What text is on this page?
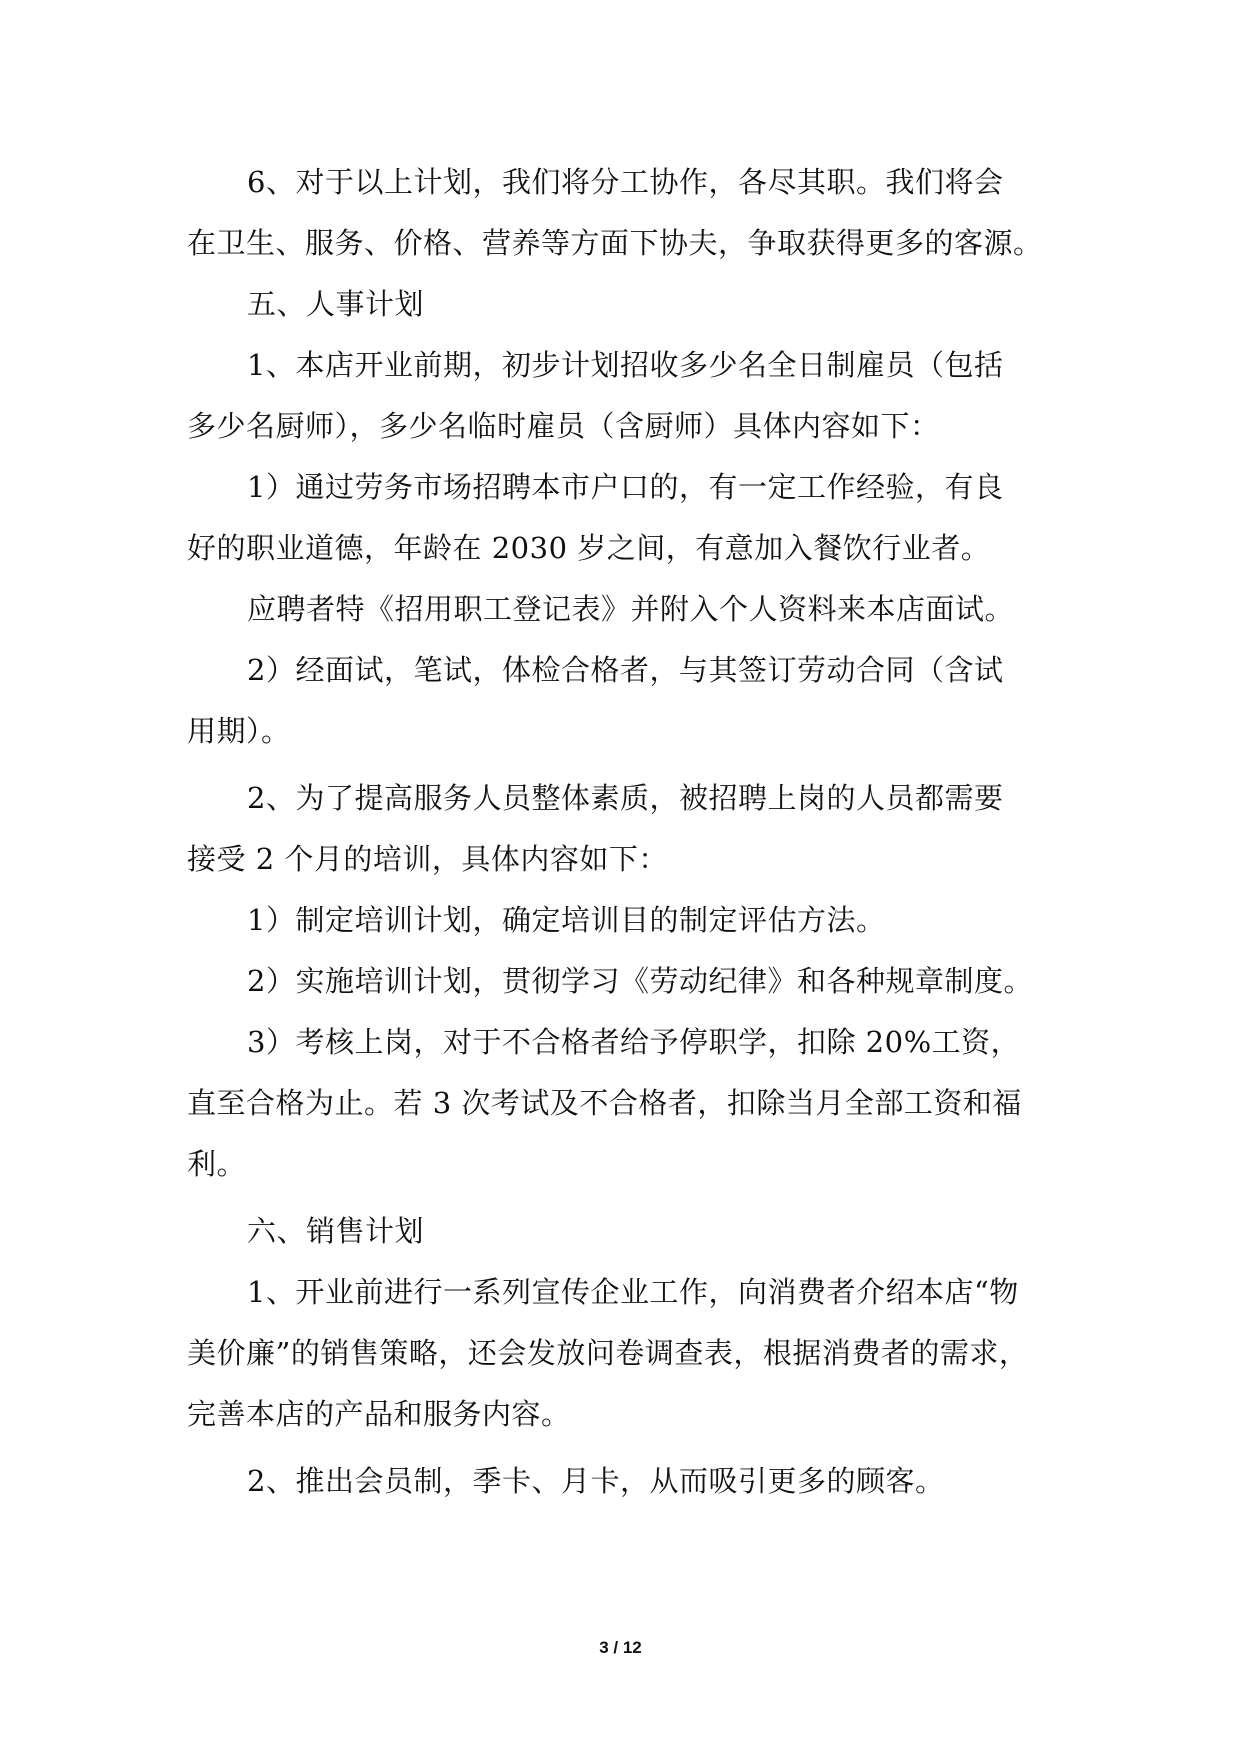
6、对于以上计划，我们将分工协作，各尽其职。我们将会
在卫生、服务、价格、营养等方面下协夫，争取获得更多的客源。
五、人事计划
1、本店开业前期，初步计划招收多少名全日制雇员（包括
多少名厨师），多少名临时雇员（含厨师）具体内容如下：
1）通过劳务市场招聘本市户口的，有一定工作经验，有良
好的职业道德，年龄在 2030 岁之间，有意加入餐饮行业者。
应聘者特《招用职工登记表》并附入个人资料来本店面试。
2）经面试，笔试，体检合格者，与其签订劳动合同（含试
用期）。
2、为了提高服务人员整体素质，被招聘上岗的人员都需要
接受 2 个月的培训，具体内容如下：
1）制定培训计划，确定培训目的制定评估方法。
2）实施培训计划，贯彻学习《劳动纪律》和各种规章制度。
3）考核上岗，对于不合格者给予停职学，扣除 20%工资，
直至合格为止。若 3 次考试及不合格者，扣除当月全部工资和福
利。
六、销售计划
1、开业前进行一系列宣传企业工作，向消费者介绍本店“物
美价廉”的销售策略，还会发放问卷调查表，根据消费者的需求，
完善本店的产品和服务内容。
2、推出会员制，季卡、月卡，从而吸引更多的顾客。
3 / 12
